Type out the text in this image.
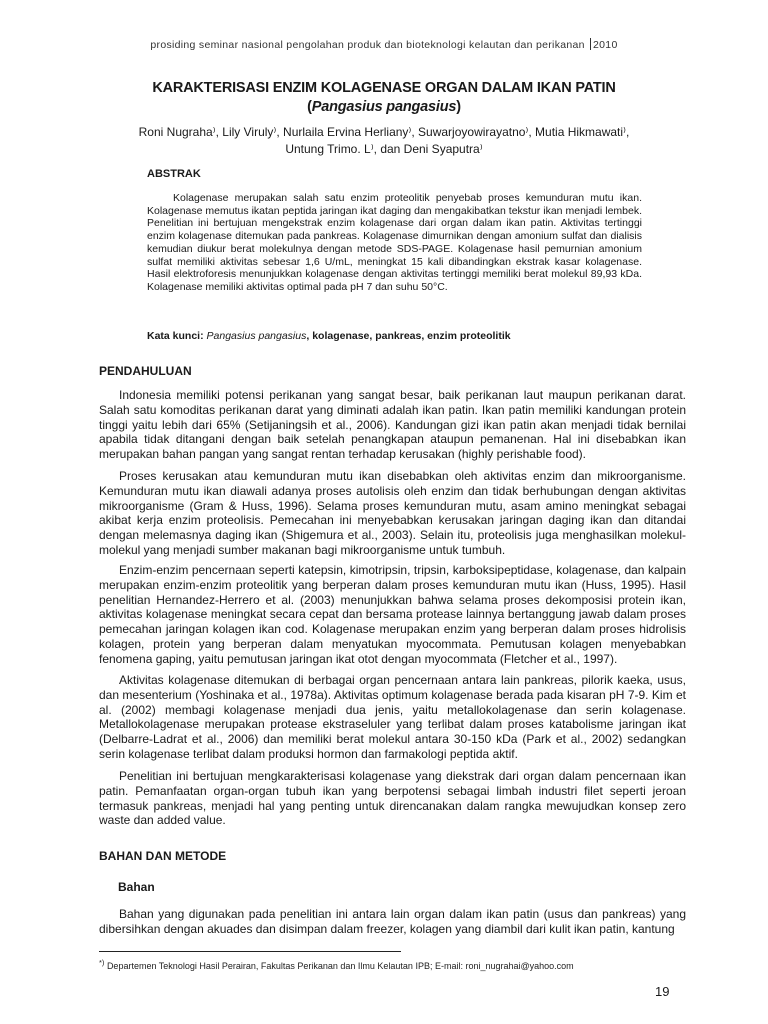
prosiding seminar nasional pengolahan produk dan bioteknologi kelautan dan perikanan 2010
KARAKTERISASI ENZIM KOLAGENASE ORGAN DALAM IKAN PATIN
(Pangasius pangasius)
Roni Nugraha⁾, Lily Viruly⁾, Nurlaila Ervina Herliany⁾, Suwarjoyowirayatno⁾, Mutia Hikmawati⁾,
Untung Trimo. L⁾, dan Deni Syaputra⁾
ABSTRAK

Kolagenase merupakan salah satu enzim proteolitik penyebab proses kemunduran mutu ikan. Kolagenase memutus ikatan peptida jaringan ikat daging dan mengakibatkan tekstur ikan menjadi lembek. Penelitian ini bertujuan mengekstrak enzim kolagenase dari organ dalam ikan patin. Aktivitas tertinggi enzim kolagenase ditemukan pada pankreas. Kolagenase dimurnikan dengan amonium sulfat dan dialisis kemudian diukur berat molekulnya dengan metode SDS-PAGE. Kolagenase hasil pemurnian amonium sulfat memiliki aktivitas sebesar 1,6 U/mL, meningkat 15 kali dibandingkan ekstrak kasar kolagenase. Hasil elektroforesis menunjukkan kolagenase dengan aktivitas tertinggi memiliki berat molekul 89,93 kDa. Kolagenase memiliki aktivitas optimal pada pH 7 dan suhu 50°C.

Kata kunci: Pangasius pangasius, kolagenase, pankreas, enzim proteolitik
PENDAHULUAN

Indonesia memiliki potensi perikanan yang sangat besar, baik perikanan laut maupun perikanan darat. Salah satu komoditas perikanan darat yang diminati adalah ikan patin. Ikan patin memiliki kandungan protein tinggi yaitu lebih dari 65% (Setijaningsih et al., 2006). Kandungan gizi ikan patin akan menjadi tidak bernilai apabila tidak ditangani dengan baik setelah penangkapan ataupun pemanenan. Hal ini disebabkan ikan merupakan bahan pangan yang sangat rentan terhadap kerusakan (highly perishable food).

Proses kerusakan atau kemunduran mutu ikan disebabkan oleh aktivitas enzim dan mikroorganisme. Kemunduran mutu ikan diawali adanya proses autolisis oleh enzim dan tidak berhubungan dengan aktivitas mikroorganisme (Gram & Huss, 1996). Selama proses kemunduran mutu, asam amino meningkat sebagai akibat kerja enzim proteolisis. Pemecahan ini menyebabkan kerusakan jaringan daging ikan dan ditandai dengan melemasnya daging ikan (Shigemura et al., 2003). Selain itu, proteolisis juga menghasilkan molekul-molekul yang menjadi sumber makanan bagi mikroorganisme untuk tumbuh.

Enzim-enzim pencernaan seperti katepsin, kimotripsin, tripsin, karboksipeptidase, kolagenase, dan kalpain merupakan enzim-enzim proteolitik yang berperan dalam proses kemunduran mutu ikan (Huss, 1995). Hasil penelitian Hernandez-Herrero et al. (2003) menunjukkan bahwa selama proses dekomposisi protein ikan, aktivitas kolagenase meningkat secara cepat dan bersama protease lainnya bertanggung jawab dalam proses pemecahan jaringan kolagen ikan cod. Kolagenase merupakan enzim yang berperan dalam proses hidrolisis kolagen, protein yang berperan dalam menyatukan myocommata. Pemutusan kolagen menyebabkan fenomena gaping, yaitu pemutusan jaringan ikat otot dengan myocommata (Fletcher et al., 1997).

Aktivitas kolagenase ditemukan di berbagai organ pencernaan antara lain pankreas, pilorik kaeka, usus, dan mesenterium (Yoshinaka et al., 1978a). Aktivitas optimum kolagenase berada pada kisaran pH 7-9. Kim et al. (2002) membagi kolagenase menjadi dua jenis, yaitu metallokolagenase dan serin kolagenase. Metallokolagenase merupakan protease ekstraseluler yang terlibat dalam proses katabolisme jaringan ikat (Delbarre-Ladrat et al., 2006) dan memiliki berat molekul antara 30-150 kDa (Park et al., 2002) sedangkan serin kolagenase terlibat dalam produksi hormon dan farmakologi peptida aktif.

Penelitian ini bertujuan mengkarakterisasi kolagenase yang diekstrak dari organ dalam pencernaan ikan patin. Pemanfaatan organ-organ tubuh ikan yang berpotensi sebagai limbah industri filet seperti jeroan termasuk pankreas, menjadi hal yang penting untuk direncanakan dalam rangka mewujudkan konsep zero waste dan added value.

BAHAN DAN METODE
Bahan

Bahan yang digunakan pada penelitian ini antara lain organ dalam ikan patin (usus dan pankreas) yang dibersihkan dengan akuades dan disimpan dalam freezer, kolagen yang diambil dari kulit ikan patin, kantung

*) Departemen Teknologi Hasil Perairan, Fakultas Perikanan dan Ilmu Kelautan IPB; E-mail: roni_nugrahai@yahoo.com
19
